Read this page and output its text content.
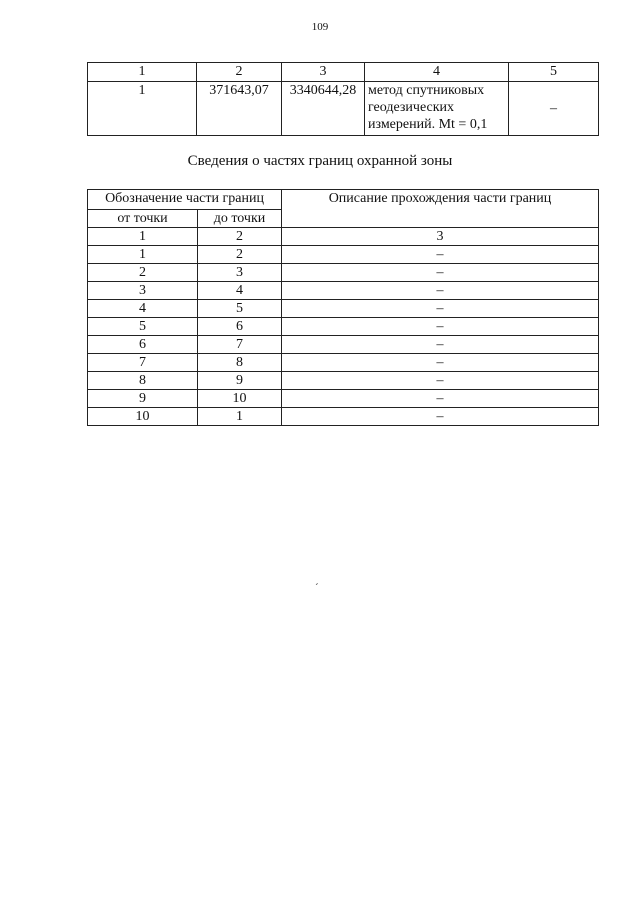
109
1	2	3	4	5
1	371643,07	3340644,28	метод спутниковых
геодезических
измерений. Mt = 0,1	–
Сведения о частях границ охранной зоны
Обозначение части границ		Описание прохождения части границ
от точки	до точки	
1	2	3
1	2	–
2	3	–
3	4	–
4	5	–
5	6	–
6	7	–
7	8	–
8	9	–
9	10	–
10	1	–
ˊ
